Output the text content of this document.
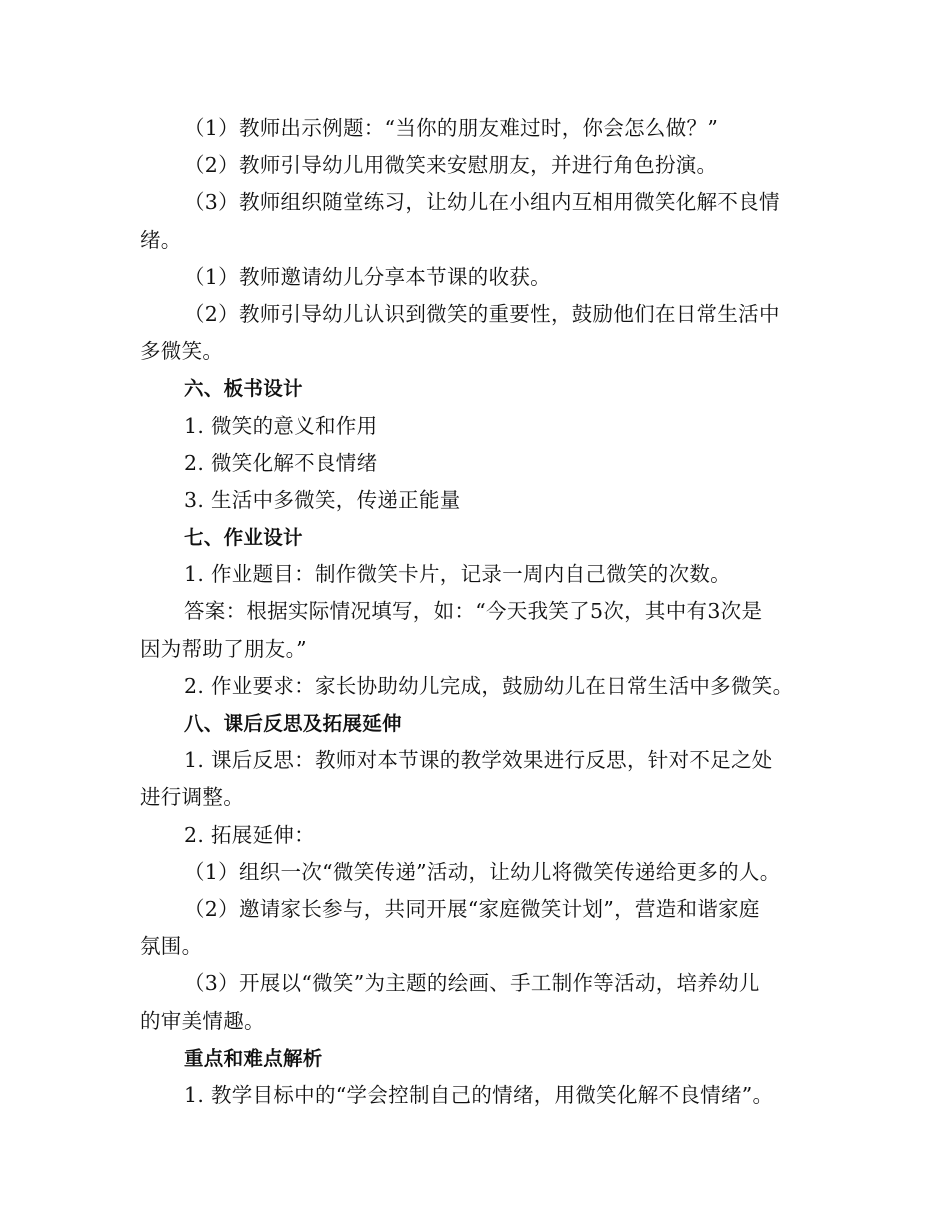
（1）教师出示例题：“当你的朋友难过时，你会怎么做？”
（2）教师引导幼儿用微笑来安慰朋友，并进行角色扮演。
（3）教师组织随堂练习，让幼儿在小组内互相用微笑化解不良情
绪。
（1）教师邀请幼儿分享本节课的收获。
（2）教师引导幼儿认识到微笑的重要性，鼓励他们在日常生活中
多微笑。
六、板书设计
1. 微笑的意义和作用
2. 微笑化解不良情绪
3. 生活中多微笑，传递正能量
七、作业设计
1. 作业题目：制作微笑卡片，记录一周内自己微笑的次数。
答案：根据实际情况填写，如：“今天我笑了5次，其中有3次是
因为帮助了朋友。”
2. 作业要求：家长协助幼儿完成，鼓励幼儿在日常生活中多微笑。
八、课后反思及拓展延伸
1. 课后反思：教师对本节课的教学效果进行反思，针对不足之处
进行调整。
2. 拓展延伸：
（1）组织一次“微笑传递”活动，让幼儿将微笑传递给更多的人。
（2）邀请家长参与，共同开展“家庭微笑计划”，营造和谐家庭
氛围。
（3）开展以“微笑”为主题的绘画、手工制作等活动，培养幼儿
的审美情趣。
重点和难点解析
1. 教学目标中的“学会控制自己的情绪，用微笑化解不良情绪”。
